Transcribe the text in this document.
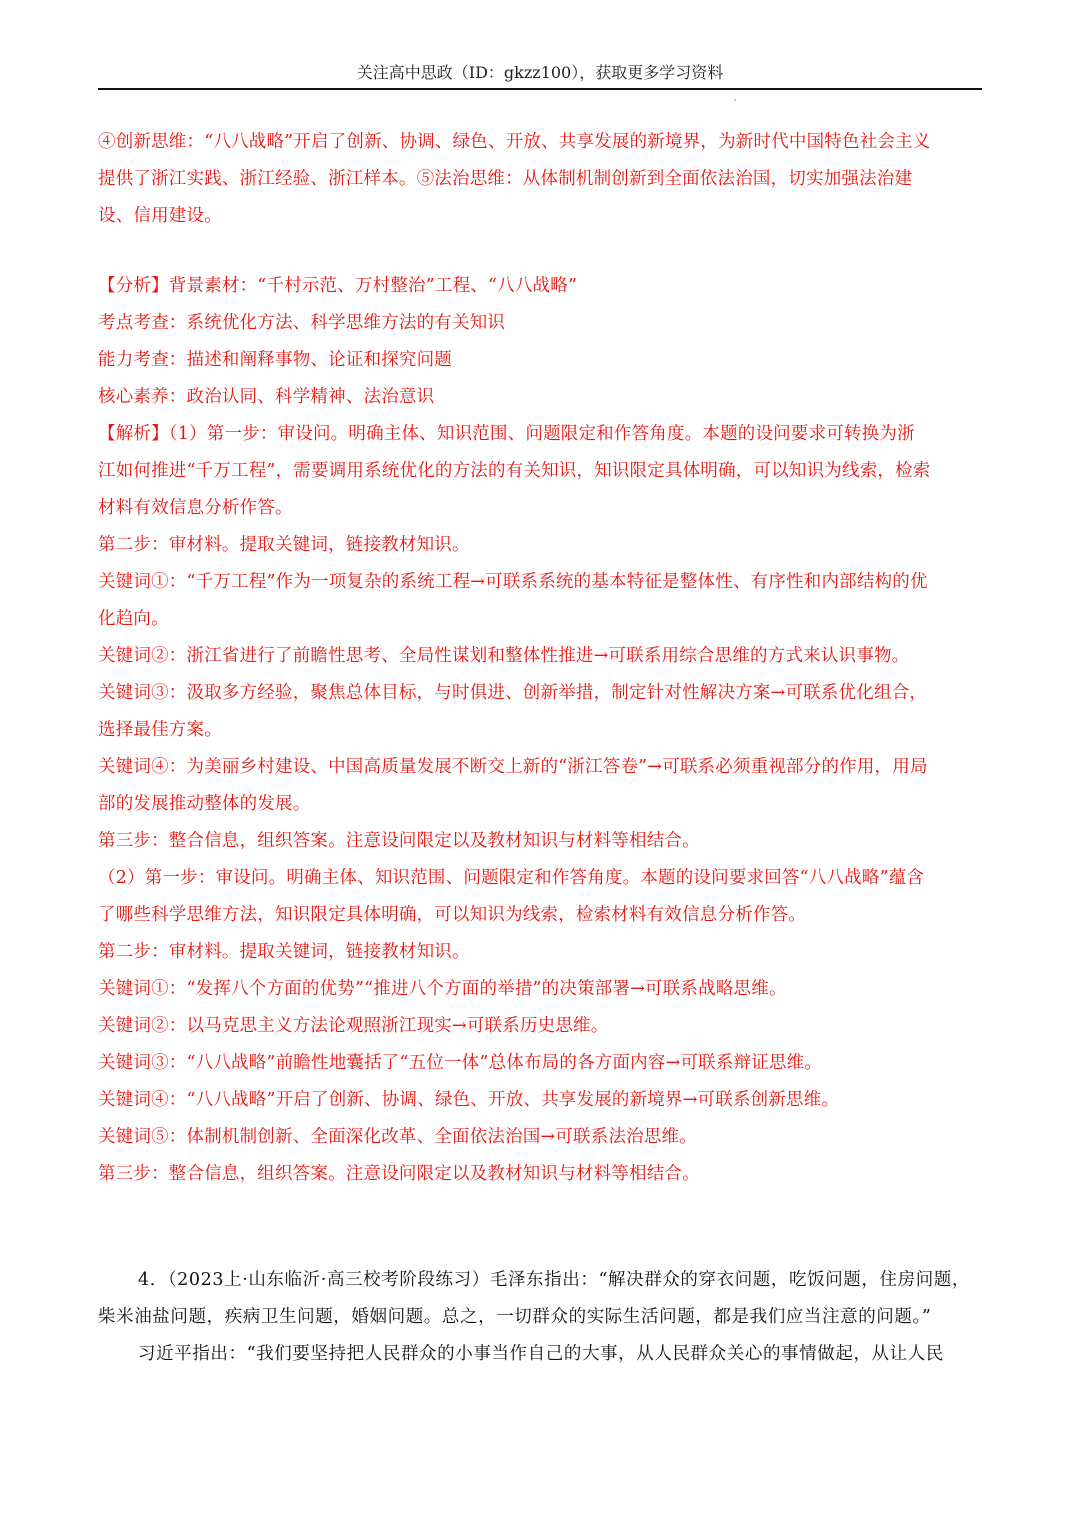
关注高中思政（ID：gkzz100），获取更多学习资料
'

④创新思维：“八八战略”开启了创新、协调、绿色、开放、共享发展的新境界，为新时代中国特色社会主义

提供了浙江实践、浙江经验、浙江样本。⑤法治思维：从体制机制创新到全面依法治国，切实加强法治建

设、信用建设。

【分析】背景素材：“千村示范、万村整治”工程、“八八战略”

考点考查：系统优化方法、科学思维方法的有关知识

能力考查：描述和阐释事物、论证和探究问题

核心素养：政治认同、科学精神、法治意识

【解析】（1）第一步：审设问。明确主体、知识范围、问题限定和作答角度。本题的设问要求可转换为浙

江如何推进“千万工程”，需要调用系统优化的方法的有关知识，知识限定具体明确，可以知识为线索，检索

材料有效信息分析作答。

第二步：审材料。提取关键词，链接教材知识。

关键词①：“千万工程”作为一项复杂的系统工程→可联系系统的基本特征是整体性、有序性和内部结构的优

化趋向。

关键词②：浙江省进行了前瞻性思考、全局性谋划和整体性推进→可联系用综合思维的方式来认识事物。

关键词③：汲取多方经验，聚焦总体目标，与时俱进、创新举措，制定针对性解决方案→可联系优化组合，

选择最佳方案。

关键词④：为美丽乡村建设、中国高质量发展不断交上新的“浙江答卷”→可联系必须重视部分的作用，用局

部的发展推动整体的发展。

第三步：整合信息，组织答案。注意设问限定以及教材知识与材料等相结合。

（2）第一步：审设问。明确主体、知识范围、问题限定和作答角度。本题的设问要求回答“八八战略”蕴含

了哪些科学思维方法，知识限定具体明确，可以知识为线索，检索材料有效信息分析作答。

第二步：审材料。提取关键词，链接教材知识。

关键词①：“发挥八个方面的优势”“推进八个方面的举措”的决策部署→可联系战略思维。

关键词②：以马克思主义方法论观照浙江现实→可联系历史思维。

关键词③：“八八战略”前瞻性地囊括了“五位一体”总体布局的各方面内容→可联系辩证思维。

关键词④：“八八战略”开启了创新、协调、绿色、开放、共享发展的新境界→可联系创新思维。

关键词⑤：体制机制创新、全面深化改革、全面依法治国→可联系法治思维。

第三步：整合信息，组织答案。注意设问限定以及教材知识与材料等相结合。

4．（2023上·山东临沂·高三校考阶段练习）毛泽东指出：“解决群众的穿衣问题，吃饭问题，住房问题，

柴米油盐问题，疾病卫生问题，婚姻问题。总之，一切群众的实际生活问题，都是我们应当注意的问题。”

习近平指出：“我们要坚持把人民群众的小事当作自己的大事，从人民群众关心的事情做起，从让人民
